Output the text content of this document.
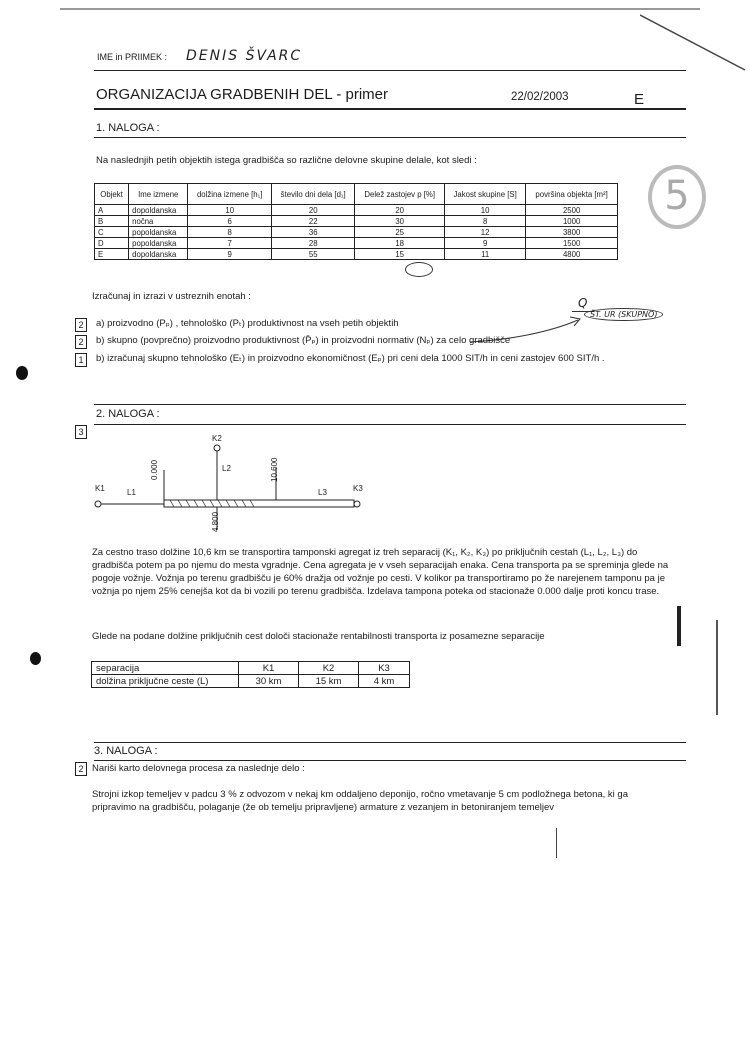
IME in PRIIMEK : DENIS ŠVARC
ORGANIZACIJA GRADBENIH DEL - primer	22/02/2003	E
5
1. NALOGA :
Na naslednjih petih objektih istega gradbišča so različne delovne skupine delale, kot sledi :
Objekt	Ime izmene	dolžina izmene [h₁]	število dni dela [d₁]	Delež zastojev p [%]	Jakost skupine [S]	površina objekta [m²]
A	dopoldanska	10	20	20	10	2500
B	nočna	6	22	30	8	1000
C	popoldanska	8	36	25	12	3800
D	popoldanska	7	28	18	9	1500
E	dopoldanska	9	55	15	11	4800
Izračunaj in izrazi v ustreznih enotah :	Q
ŠT. UR (SKUPNO)
2	a) proizvodno (Pₚ) , tehnološko (Pₜ) produktivnost na vseh petih objektih
2	b) skupno (povprečno) proizvodno produktivnost (P̄ₚ) in proizvodni normativ (Nₚ) za celo gradbišče
1	b) izračunaj skupno tehnološko (Eₜ) in proizvodno ekonomičnost (Eₚ) pri ceni dela 1000 SIT/h in ceni zastojev 600 SIT/h .
2. NALOGA :
3
K1	L1
K2
L2
L3	K3
0.000	10.600
4.800
Za cestno traso dolžine 10,6 km se transportira tamponski agregat iz treh separacij (K₁, K₂, K₃) po priključnih cestah (L₁, L₂, L₃) do gradbišča potem pa po njemu do mesta vgradnje. Cena agregata je v vseh separacijah enaka. Cena transporta pa se spreminja glede na pogoje vožnje. Vožnja po terenu gradbišču je 60% dražja od vožnje po cesti. V kolikor pa transportiramo po že narejenem tamponu pa je vožnja po njem 25% cenejša kot da bi vozili po terenu gradbišča. Izdelava tampona poteka od stacionaže 0.000 dalje proti koncu trase.
Glede na podane dolžine priključnih cest določi stacionaže rentabilnosti transporta iz posamezne separacije
separacija	K1	K2	K3
dolžina priključne ceste (L)	30 km	15 km	4 km
3. NALOGA :
2 Nariši karto delovnega procesa za naslednje delo :
Strojni izkop temeljev v padcu 3 % z odvozom v nekaj km oddaljeno deponijo, ročno vmetavanje 5 cm podložnega betona, ki ga pripravimo na gradbišču, polaganje (že ob temelju pripravljene) armature z vezanjem in betoniranjem temeljev
